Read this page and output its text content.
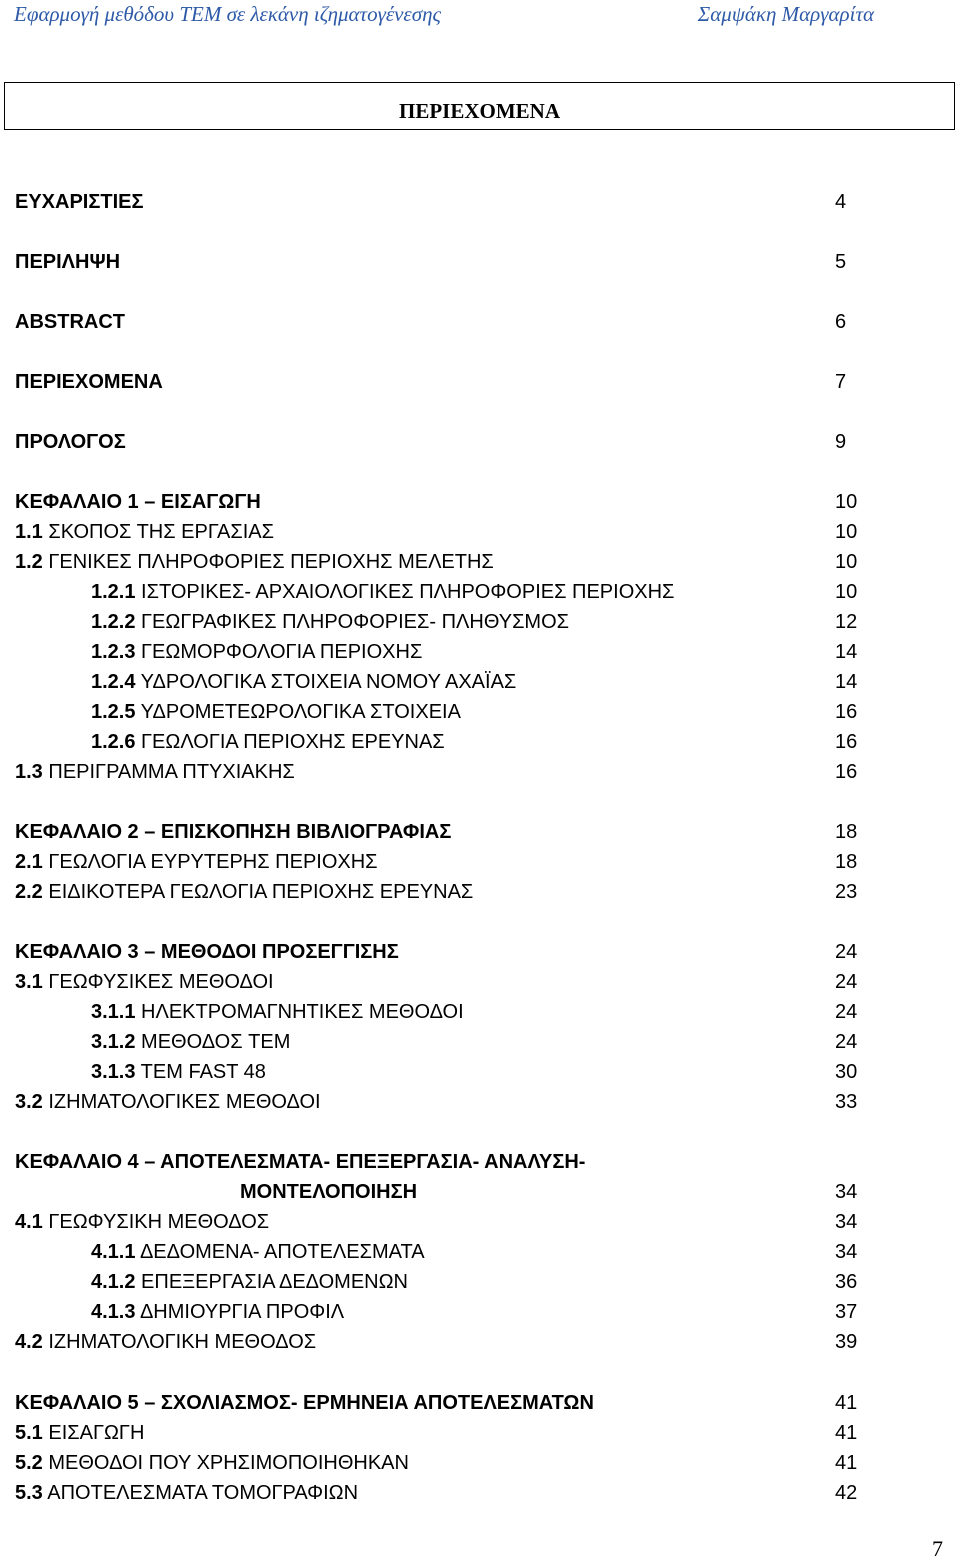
Εφαρμογή μεθόδου TEM σε λεκάνη ιζηματογένεσης	Σαμψάκη Μαργαρίτα
ΠΕΡΙΕΧΟΜΕΝΑ
ΕΥΧΑΡΙΣΤΙΕΣ	4
ΠΕΡΙΛΗΨΗ	5
ABSTRACT	6
ΠΕΡΙΕΧΟΜΕΝΑ	7
ΠΡΟΛΟΓΟΣ	9
ΚΕΦΑΛΑΙΟ 1 – ΕΙΣΑΓΩΓΗ	10
1.1 ΣΚΟΠΟΣ ΤΗΣ ΕΡΓΑΣΙΑΣ	10
1.2 ΓΕΝΙΚΕΣ ΠΛΗΡΟΦΟΡΙΕΣ ΠΕΡΙΟΧΗΣ ΜΕΛΕΤΗΣ	10
1.2.1 ΙΣΤΟΡΙΚΕΣ- ΑΡΧΑΙΟΛΟΓΙΚΕΣ ΠΛΗΡΟΦΟΡΙΕΣ ΠΕΡΙΟΧΗΣ	10
1.2.2 ΓΕΩΓΡΑΦΙΚΕΣ ΠΛΗΡΟΦΟΡΙΕΣ- ΠΛΗΘΥΣΜΟΣ	12
1.2.3 ΓΕΩΜΟΡΦΟΛΟΓΙΑ ΠΕΡΙΟΧΗΣ	14
1.2.4 ΥΔΡΟΛΟΓΙΚΑ ΣΤΟΙΧΕΙΑ ΝΟΜΟΥ ΑΧΑΪΑΣ	14
1.2.5 ΥΔΡΟΜΕΤΕΩΡΟΛΟΓΙΚΑ ΣΤΟΙΧΕΙΑ	16
1.2.6 ΓΕΩΛΟΓΙΑ ΠΕΡΙΟΧΗΣ ΕΡΕΥΝΑΣ	16
1.3 ΠΕΡΙΓΡΑΜΜΑ ΠΤΥΧΙΑΚΗΣ	16
ΚΕΦΑΛΑΙΟ 2 – ΕΠΙΣΚΟΠΗΣΗ ΒΙΒΛΙΟΓΡΑΦΙΑΣ	18
2.1 ΓΕΩΛΟΓΙΑ ΕΥΡΥΤΕΡΗΣ ΠΕΡΙΟΧΗΣ	18
2.2 ΕΙΔΙΚΟΤΕΡΑ ΓΕΩΛΟΓΙΑ ΠΕΡΙΟΧΗΣ ΕΡΕΥΝΑΣ	23
ΚΕΦΑΛΑΙΟ 3 – ΜΕΘΟΔΟΙ ΠΡΟΣΕΓΓΙΣΗΣ	24
3.1 ΓΕΩΦΥΣΙΚΕΣ ΜΕΘΟΔΟΙ	24
3.1.1 ΗΛΕΚΤΡΟΜΑΓΝΗΤΙΚΕΣ ΜΕΘΟΔΟΙ	24
3.1.2 ΜΕΘΟΔΟΣ TEM	24
3.1.3 TEM FAST 48	30
3.2 ΙΖΗΜΑΤΟΛΟΓΙΚΕΣ ΜΕΘΟΔΟΙ	33
ΚΕΦΑΛΑΙΟ 4 – ΑΠΟΤΕΛΕΣΜΑΤΑ- ΕΠΕΞΕΡΓΑΣΙΑ- ΑΝΑΛΥΣΗ-
ΜΟΝΤΕΛΟΠΟΙΗΣΗ	34
4.1 ΓΕΩΦΥΣΙΚΗ ΜΕΘΟΔΟΣ	34
4.1.1 ΔΕΔΟΜΕΝΑ- ΑΠΟΤΕΛΕΣΜΑΤΑ	34
4.1.2 ΕΠΕΞΕΡΓΑΣΙΑ ΔΕΔΟΜΕΝΩΝ	36
4.1.3 ΔΗΜΙΟΥΡΓΙΑ ΠΡΟΦΙΛ	37
4.2 ΙΖΗΜΑΤΟΛΟΓΙΚΗ ΜΕΘΟΔΟΣ	39
ΚΕΦΑΛΑΙΟ 5 – ΣΧΟΛΙΑΣΜΟΣ- ΕΡΜΗΝΕΙΑ ΑΠΟΤΕΛΕΣΜΑΤΩΝ	41
5.1 ΕΙΣΑΓΩΓΗ	41
5.2 ΜΕΘΟΔΟΙ ΠΟΥ ΧΡΗΣΙΜΟΠΟΙΗΘΗΚΑΝ	41
5.3 ΑΠΟΤΕΛΕΣΜΑΤΑ ΤΟΜΟΓΡΑΦΙΩΝ	42
7
